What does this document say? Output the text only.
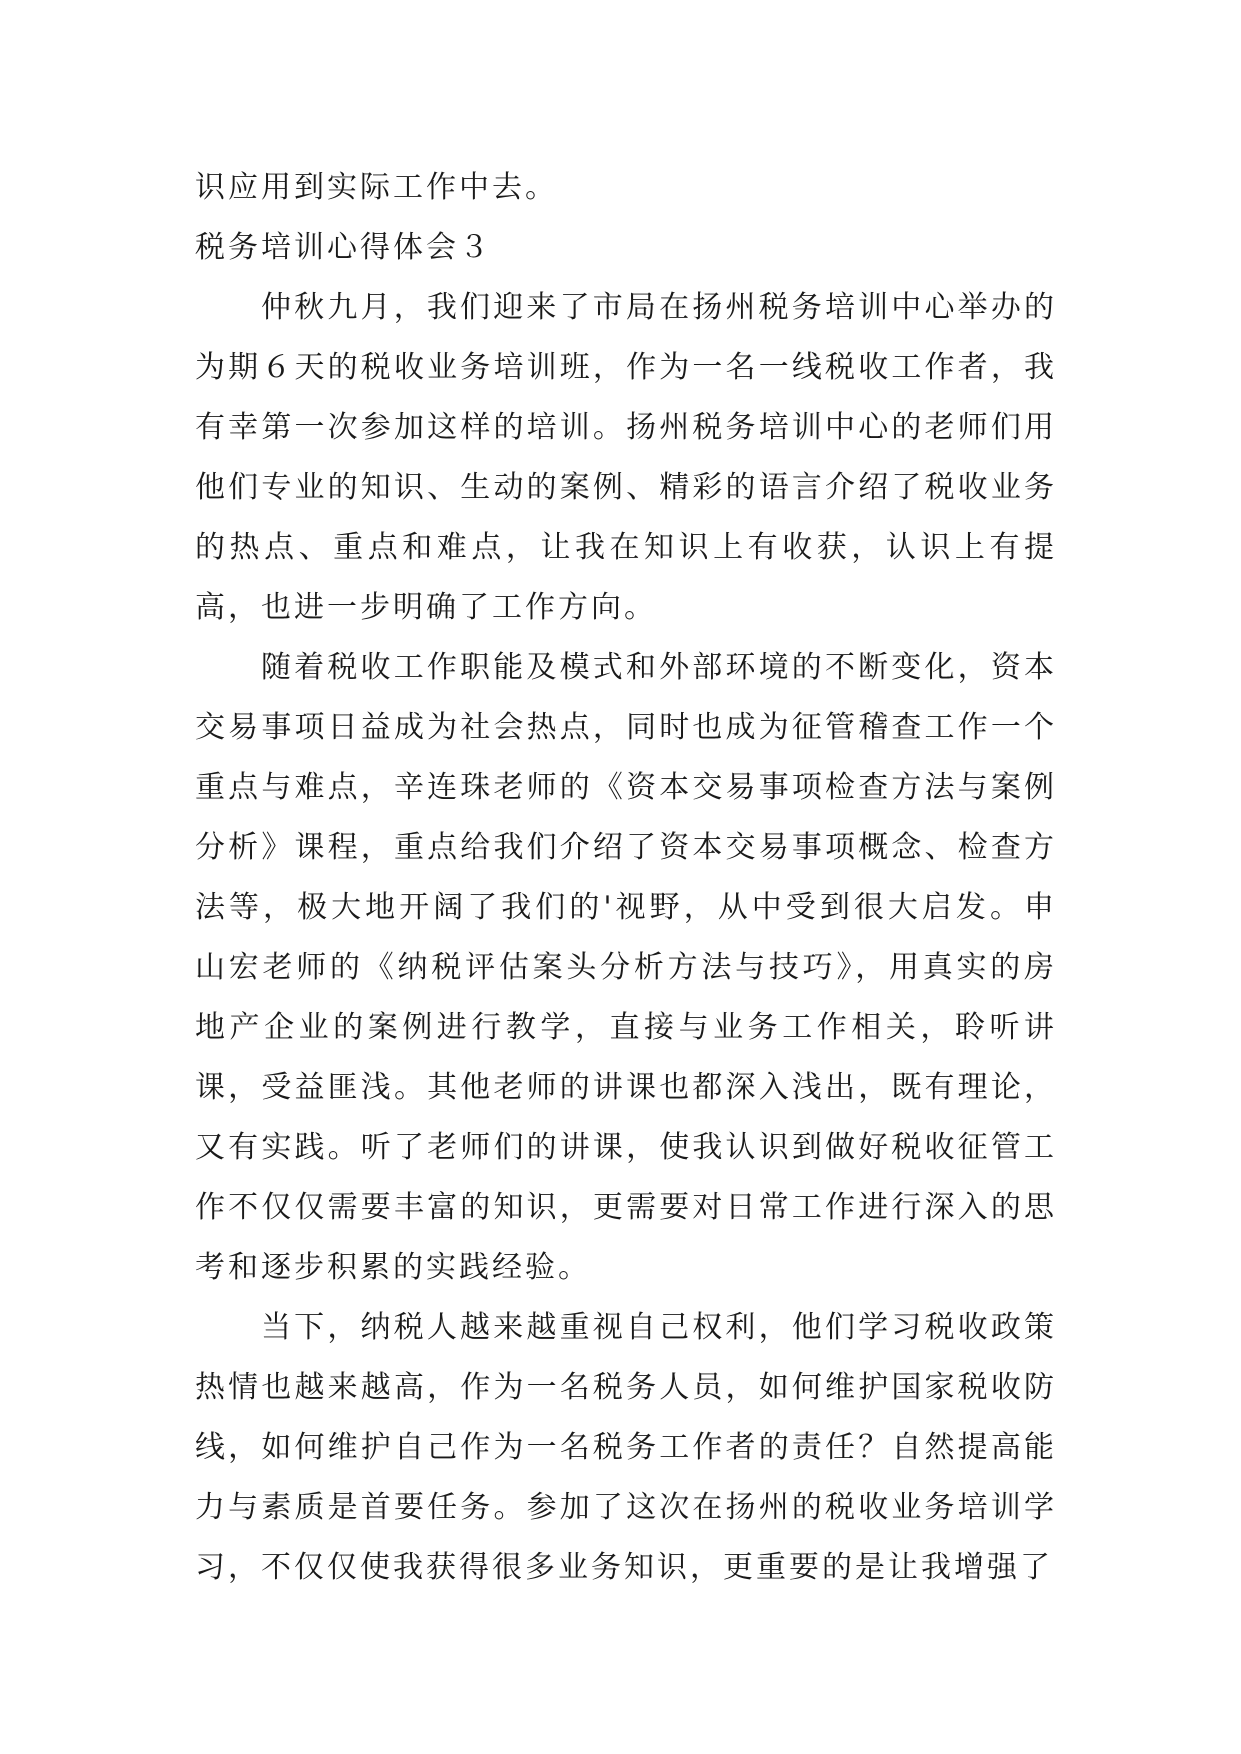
识应用到实际工作中去。

税务培训心得体会３

仲秋九月，我们迎来了市局在扬州税务培训中心举办的为期６天的税收业务培训班，作为一名一线税收工作者，我有幸第一次参加这样的培训。扬州税务培训中心的老师们用他们专业的知识、生动的案例、精彩的语言介绍了税收业务的热点、重点和难点，让我在知识上有收获，认识上有提高，也进一步明确了工作方向。

随着税收工作职能及模式和外部环境的不断变化，资本交易事项日益成为社会热点，同时也成为征管稽查工作一个重点与难点，辛连珠老师的《资本交易事项检查方法与案例分析》课程，重点给我们介绍了资本交易事项概念、检查方法等，极大地开阔了我们的'视野，从中受到很大启发。申山宏老师的《纳税评估案头分析方法与技巧》，用真实的房地产企业的案例进行教学，直接与业务工作相关，聆听讲课，受益匪浅。其他老师的讲课也都深入浅出，既有理论，又有实践。听了老师们的讲课，使我认识到做好税收征管工作不仅仅需要丰富的知识，更需要对日常工作进行深入的思考和逐步积累的实践经验。

当下，纳税人越来越重视自己权利，他们学习税收政策热情也越来越高，作为一名税务人员，如何维护国家税收防线，如何维护自己作为一名税务工作者的责任？自然提高能力与素质是首要任务。参加了这次在扬州的税收业务培训学习，不仅仅使我获得很多业务知识，更重要的是让我增强了
